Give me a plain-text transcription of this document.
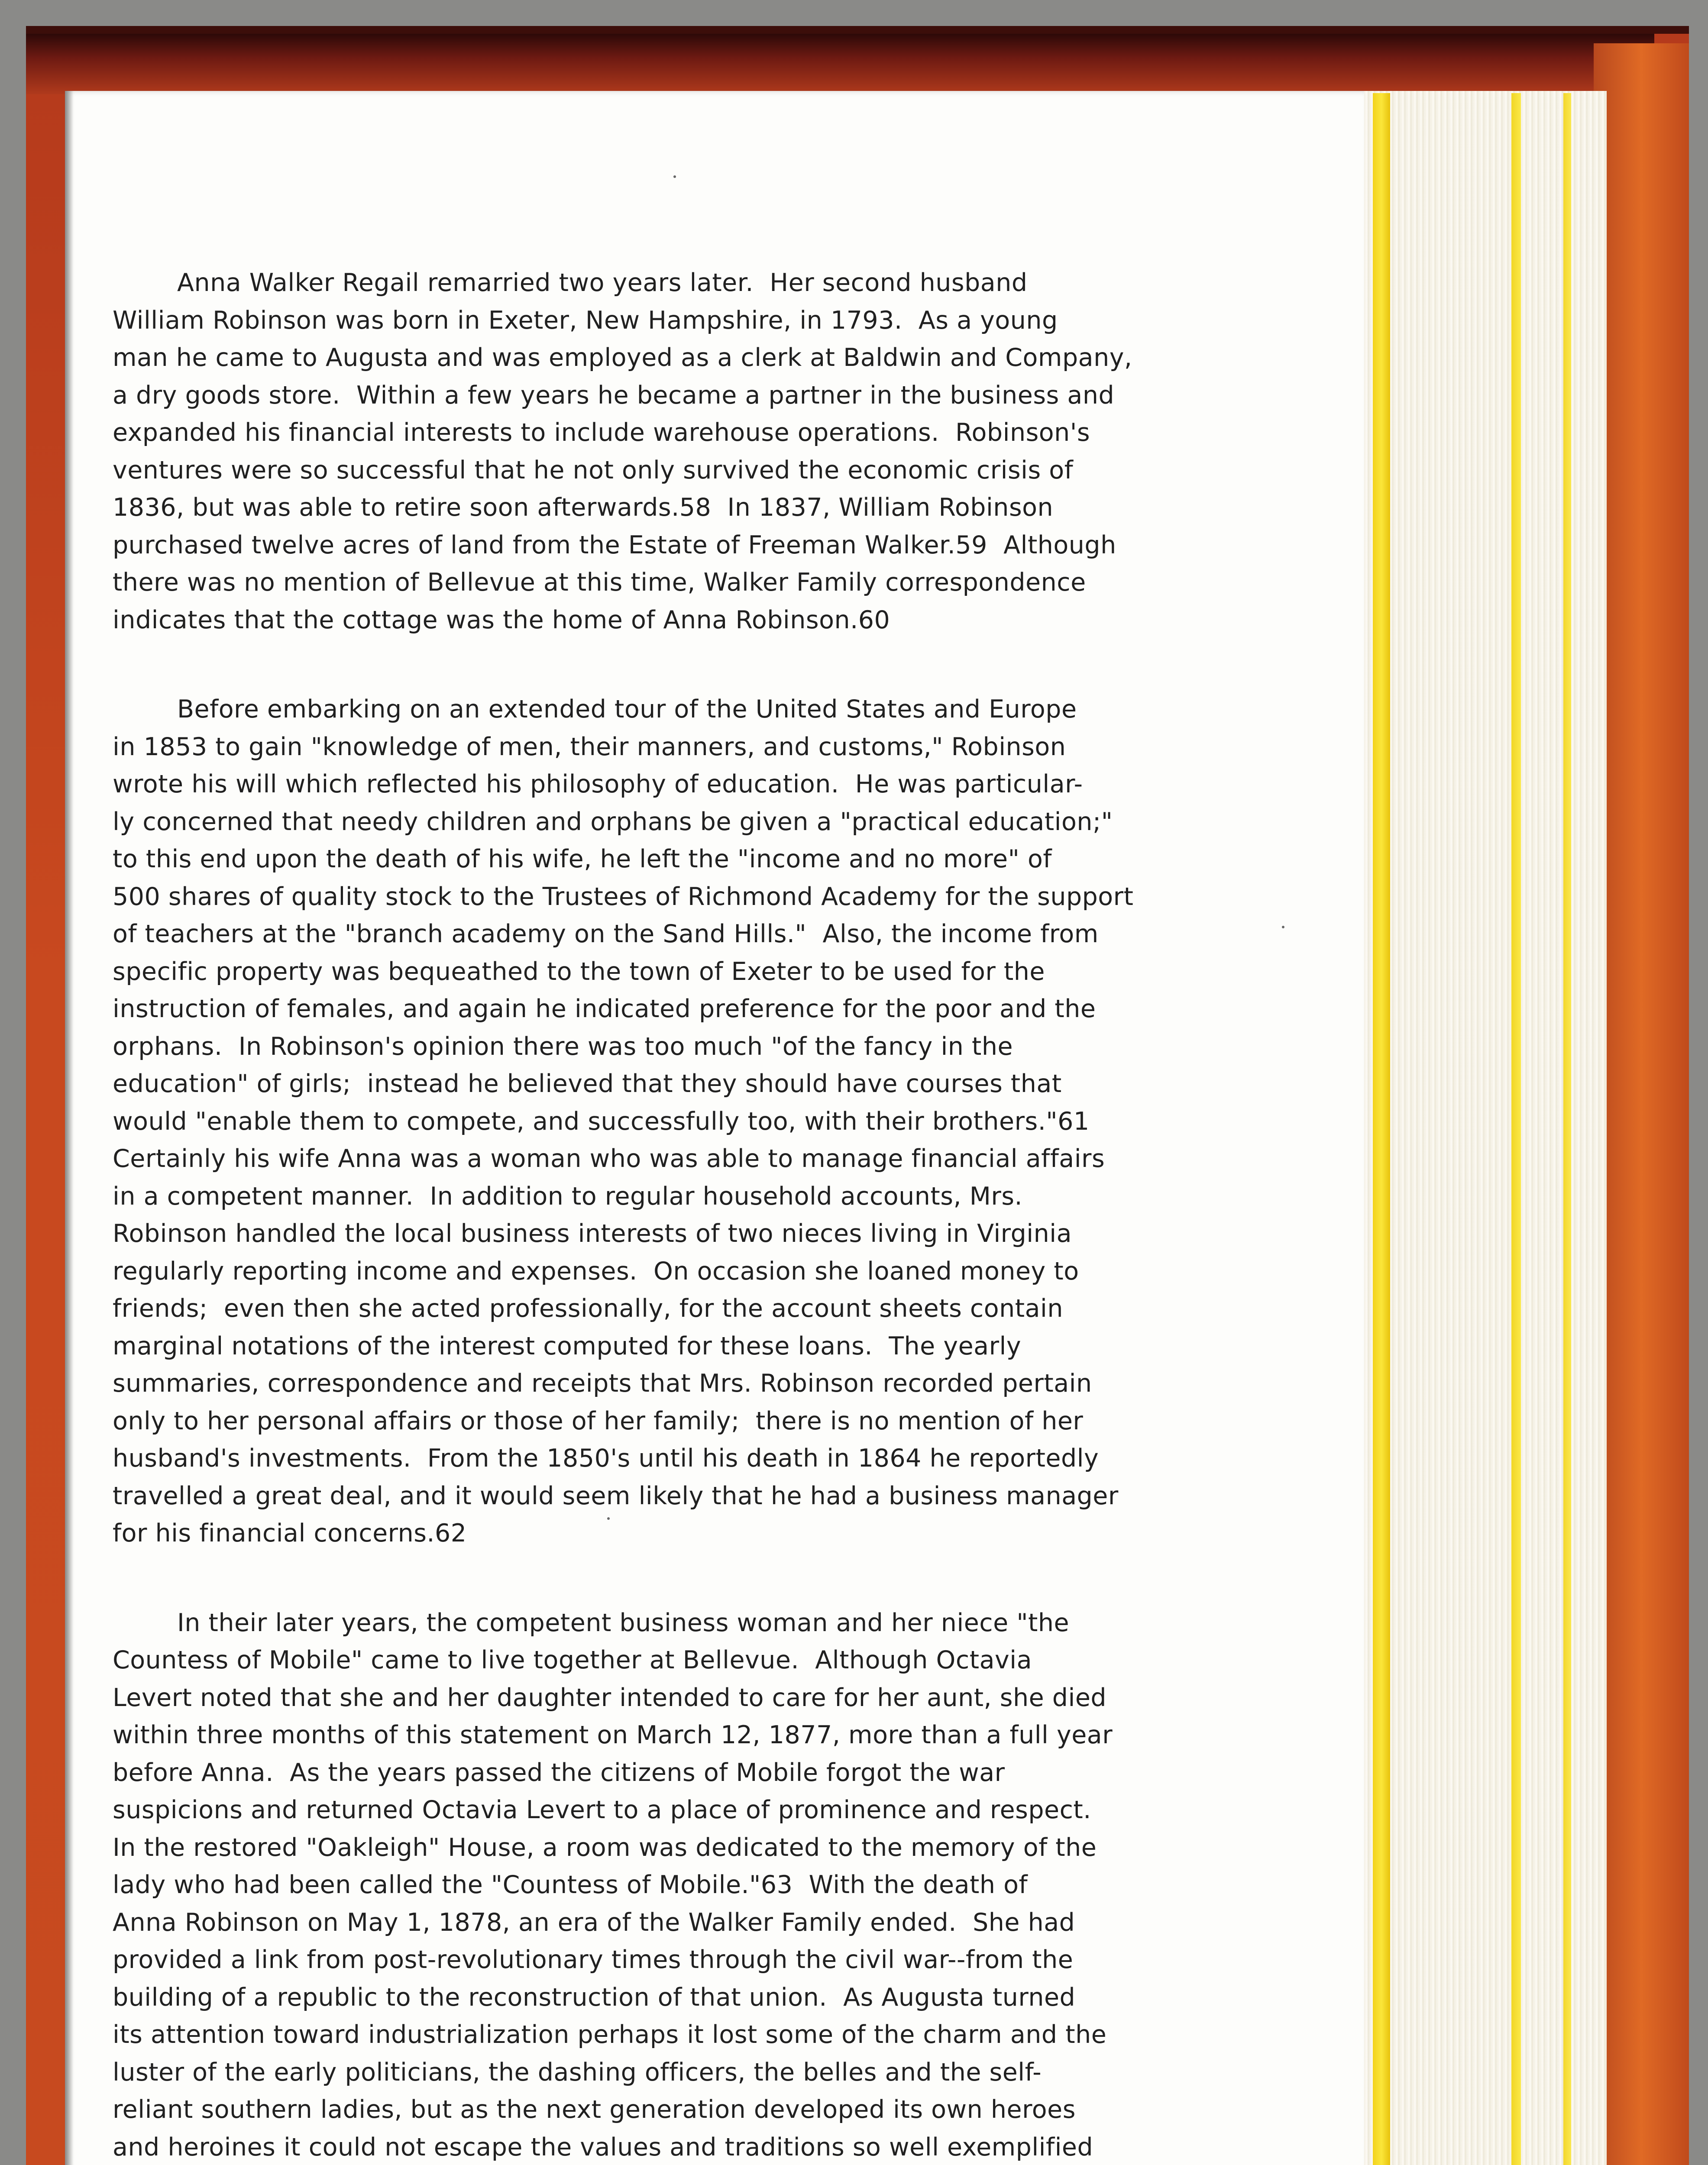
Anna Walker Regail remarried two years later.  Her second husband
William Robinson was born in Exeter, New Hampshire, in 1793.  As a young
man he came to Augusta and was employed as a clerk at Baldwin and Company,
a dry goods store.  Within a few years he became a partner in the business and
expanded his financial interests to include warehouse operations.  Robinson's
ventures were so successful that he not only survived the economic crisis of
1836, but was able to retire soon afterwards.58  In 1837, William Robinson
purchased twelve acres of land from the Estate of Freeman Walker.59  Although
there was no mention of Bellevue at this time, Walker Family correspondence
indicates that the cottage was the home of Anna Robinson.60
Before embarking on an extended tour of the United States and Europe
in 1853 to gain "knowledge of men, their manners, and customs," Robinson
wrote his will which reflected his philosophy of education.  He was particular-
ly concerned that needy children and orphans be given a "practical education;"
to this end upon the death of his wife, he left the "income and no more" of
500 shares of quality stock to the Trustees of Richmond Academy for the support
of teachers at the "branch academy on the Sand Hills."  Also, the income from
specific property was bequeathed to the town of Exeter to be used for the
instruction of females, and again he indicated preference for the poor and the
orphans.  In Robinson's opinion there was too much "of the fancy in the
education" of girls;  instead he believed that they should have courses that
would "enable them to compete, and successfully too, with their brothers."61
Certainly his wife Anna was a woman who was able to manage financial affairs
in a competent manner.  In addition to regular household accounts, Mrs.
Robinson handled the local business interests of two nieces living in Virginia
regularly reporting income and expenses.  On occasion she loaned money to
friends;  even then she acted professionally, for the account sheets contain
marginal notations of the interest computed for these loans.  The yearly
summaries, correspondence and receipts that Mrs. Robinson recorded pertain
only to her personal affairs or those of her family;  there is no mention of her
husband's investments.  From the 1850's until his death in 1864 he reportedly
travelled a great deal, and it would seem likely that he had a business manager
for his financial concerns.62
In their later years, the competent business woman and her niece "the
Countess of Mobile" came to live together at Bellevue.  Although Octavia
Levert noted that she and her daughter intended to care for her aunt, she died
within three months of this statement on March 12, 1877, more than a full year
before Anna.  As the years passed the citizens of Mobile forgot the war
suspicions and returned Octavia Levert to a place of prominence and respect.
In the restored "Oakleigh" House, a room was dedicated to the memory of the
lady who had been called the "Countess of Mobile."63  With the death of
Anna Robinson on May 1, 1878, an era of the Walker Family ended.  She had
provided a link from post-revolutionary times through the civil war--from the
building of a republic to the reconstruction of that union.  As Augusta turned
its attention toward industrialization perhaps it lost some of the charm and the
luster of the early politicians, the dashing officers, the belles and the self-
reliant southern ladies, but as the next generation developed its own heroes
and heroines it could not escape the values and traditions so well exemplified
